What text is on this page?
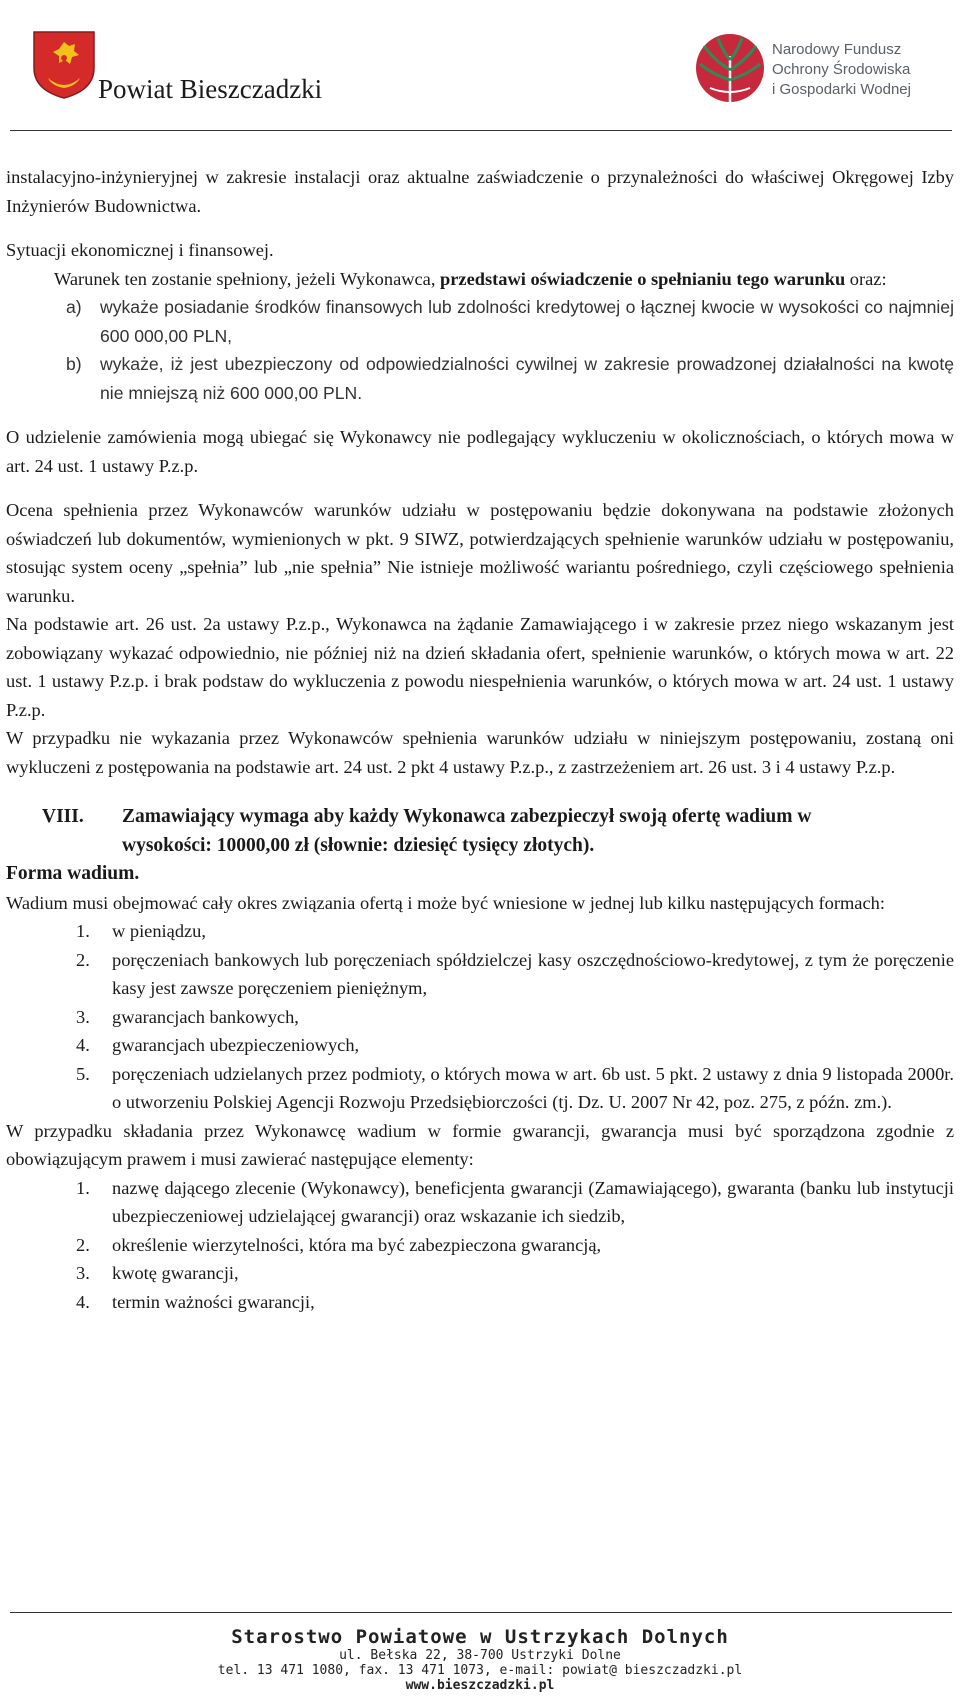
Powiat Bieszczadzki
Narodowy Fundusz
Ochrony Środowiska
i Gospodarki Wodnej

instalacyjno-inżynieryjnej w zakresie instalacji oraz aktualne zaświadczenie o przynależności do właściwej Okręgowej Izby Inżynierów Budownictwa.

Sytuacji ekonomicznej i finansowej.

Warunek ten zostanie spełniony, jeżeli Wykonawca, przedstawi oświadczenie o spełnianiu tego warunku oraz:

a)	wykaże posiadanie środków finansowych lub zdolności kredytowej o łącznej kwocie w wysokości co najmniej 600 000,00 PLN,
b)	wykaże, iż jest ubezpieczony od odpowiedzialności cywilnej w zakresie prowadzonej działalności na kwotę nie mniejszą niż 600 000,00 PLN.

O udzielenie zamówienia mogą ubiegać się Wykonawcy nie podlegający wykluczeniu w okolicznościach, o których mowa w art. 24 ust. 1 ustawy P.z.p.

Ocena spełnienia przez Wykonawców warunków udziału w postępowaniu będzie dokonywana na podstawie złożonych oświadczeń lub dokumentów, wymienionych w pkt. 9 SIWZ, potwierdzających spełnienie warunków udziału w postępowaniu, stosując system oceny „spełnia” lub „nie spełnia” Nie istnieje możliwość wariantu pośredniego, czyli częściowego spełnienia warunku.

Na podstawie art. 26 ust. 2a ustawy P.z.p., Wykonawca na żądanie Zamawiającego i w zakresie przez niego wskazanym jest zobowiązany wykazać odpowiednio, nie później niż na dzień składania ofert, spełnienie warunków, o których mowa w art. 22 ust. 1 ustawy P.z.p. i brak podstaw do wykluczenia z powodu niespełnienia warunków, o których mowa w art. 24 ust. 1 ustawy P.z.p.

W przypadku nie wykazania przez Wykonawców spełnienia warunków udziału w niniejszym postępowaniu, zostaną oni wykluczeni z postępowania na podstawie art. 24 ust. 2 pkt 4 ustawy P.z.p., z zastrzeżeniem art. 26 ust. 3 i 4 ustawy P.z.p.

VIII.	Zamawiający wymaga aby każdy Wykonawca zabezpieczył swoją ofertę wadium w wysokości: 10000,00 zł (słownie: dziesięć tysięcy złotych).

Forma wadium.

Wadium musi obejmować cały okres związania ofertą i może być wniesione w jednej lub kilku następujących formach:

1.	w pieniądzu,
2.	poręczeniach bankowych lub poręczeniach spółdzielczej kasy oszczędnościowo-kredytowej, z tym że poręczenie kasy jest zawsze poręczeniem pieniężnym,
3.	gwarancjach bankowych,
4.	gwarancjach ubezpieczeniowych,
5.	poręczeniach udzielanych przez podmioty, o których mowa w art. 6b ust. 5 pkt. 2 ustawy z dnia 9 listopada 2000r. o utworzeniu Polskiej Agencji Rozwoju Przedsiębiorczości (tj. Dz. U. 2007 Nr 42, poz. 275, z późn. zm.).

W przypadku składania przez Wykonawcę wadium w formie gwarancji, gwarancja musi być sporządzona zgodnie z obowiązującym prawem i musi zawierać następujące elementy:

1.	nazwę dającego zlecenie (Wykonawcy), beneficjenta gwarancji (Zamawiającego), gwaranta (banku lub instytucji ubezpieczeniowej udzielającej gwarancji) oraz wskazanie ich siedzib,
2.	określenie wierzytelności, która ma być zabezpieczona gwarancją,
3.	kwotę gwarancji,
4.	termin ważności gwarancji,
Starostwo Powiatowe w Ustrzykach Dolnych
ul. Bełska 22, 38-700 Ustrzyki Dolne
tel. 13 471 1080, fax. 13 471 1073, e-mail: powiat@ bieszczadzki.pl
www.bieszczadzki.pl
